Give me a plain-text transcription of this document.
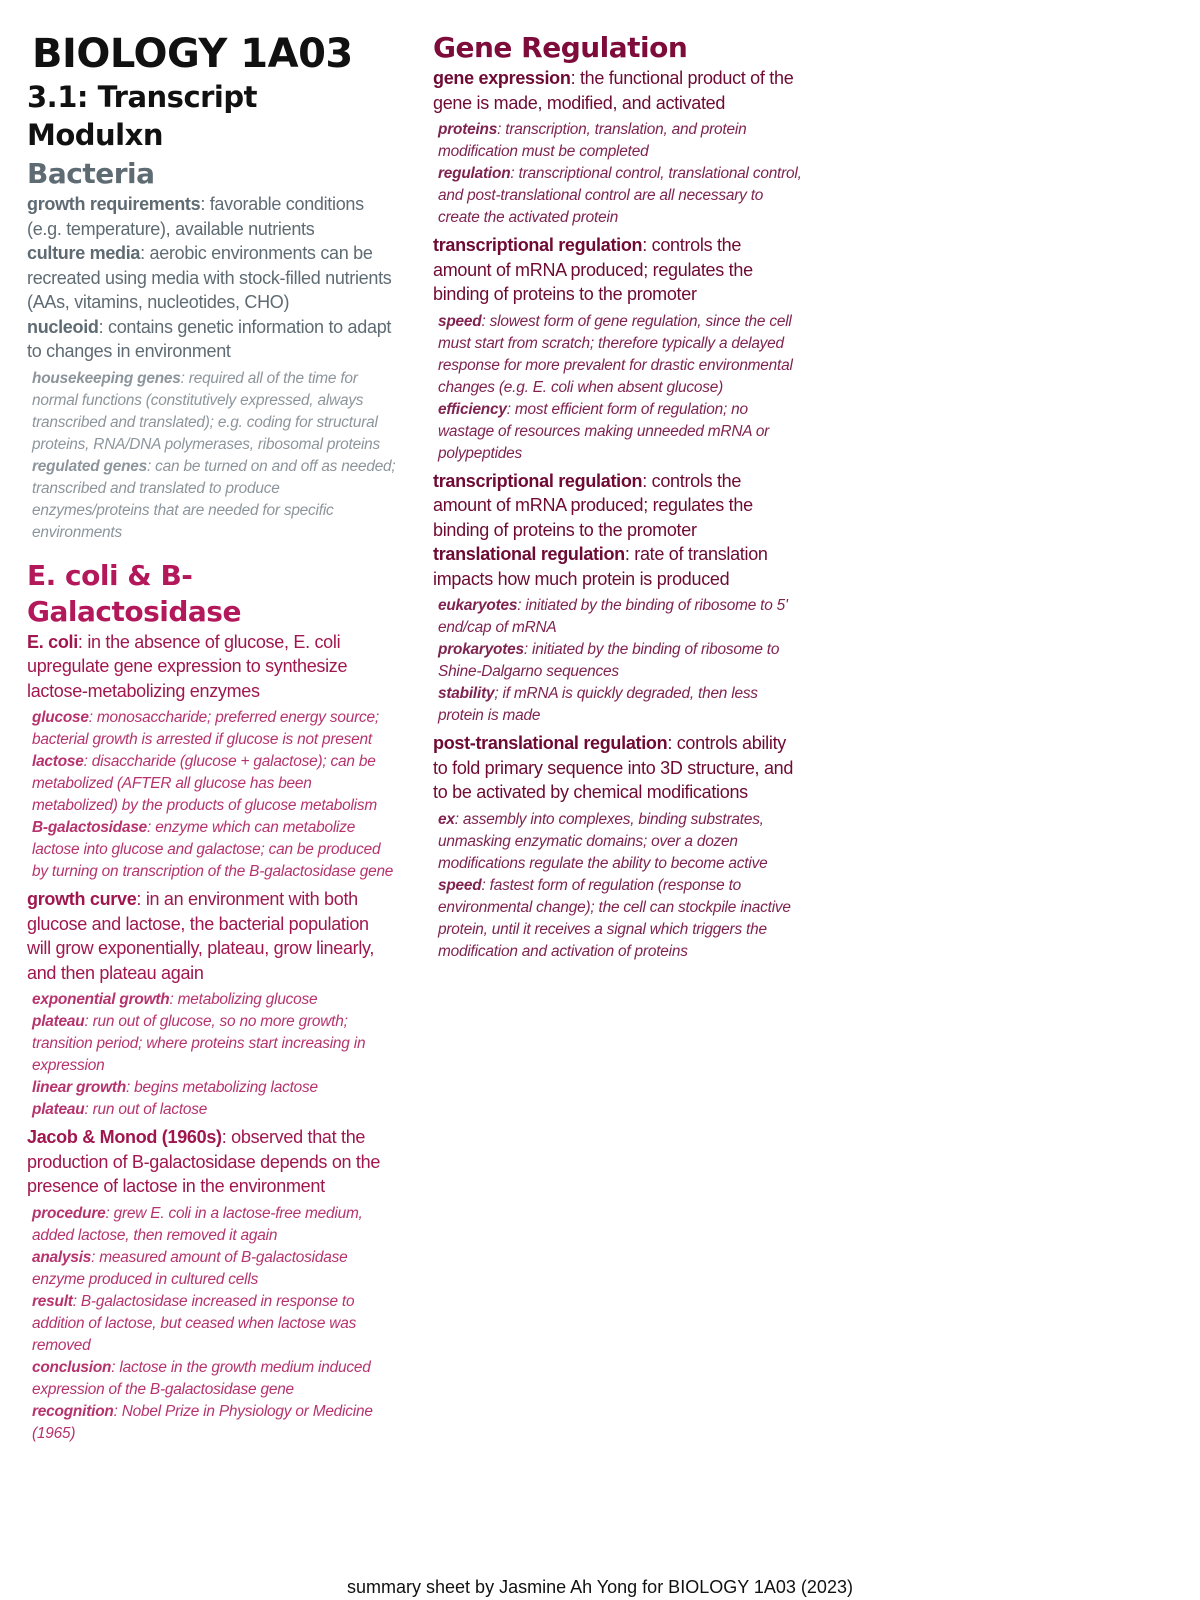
BIOLOGY 1A03
3.1: Transcript Modulxn
Bacteria
growth requirements: favorable conditions (e.g. temperature), available nutrients
culture media: aerobic environments can be recreated using media with stock-filled nutrients (AAs, vitamins, nucleotides, CHO)
nucleoid: contains genetic information to adapt to changes in environment
housekeeping genes: required all of the time for normal functions (constitutively expressed, always transcribed and translated); e.g. coding for structural proteins, RNA/DNA polymerases, ribosomal proteins
regulated genes: can be turned on and off as needed; transcribed and translated to produce enzymes/proteins that are needed for specific environments
E. coli & B-Galactosidase
E. coli: in the absence of glucose, E. coli upregulate gene expression to synthesize lactose-metabolizing enzymes
glucose: monosaccharide; preferred energy source; bacterial growth is arrested if glucose is not present
lactose: disaccharide (glucose + galactose); can be metabolized (AFTER all glucose has been metabolized) by the products of glucose metabolism
B-galactosidase: enzyme which can metabolize lactose into glucose and galactose; can be produced by turning on transcription of the B-galactosidase gene
growth curve: in an environment with both glucose and lactose, the bacterial population will grow exponentially, plateau, grow linearly, and then plateau again
exponential growth: metabolizing glucose
plateau: run out of glucose, so no more growth; transition period; where proteins start increasing in expression
linear growth: begins metabolizing lactose
plateau: run out of lactose
Jacob & Monod (1960s): observed that the production of B-galactosidase depends on the presence of lactose in the environment
procedure: grew E. coli in a lactose-free medium, added lactose, then removed it again
analysis: measured amount of B-galactosidase enzyme produced in cultured cells
result: B-galactosidase increased in response to addition of lactose, but ceased when lactose was removed
conclusion: lactose in the growth medium induced expression of the B-galactosidase gene
recognition: Nobel Prize in Physiology or Medicine (1965)
Gene Regulation
gene expression: the functional product of the gene is made, modified, and activated
proteins: transcription, translation, and protein modification must be completed
regulation: transcriptional control, translational control, and post-translational control are all necessary to create the activated protein
transcriptional regulation: controls the amount of mRNA produced; regulates the binding of proteins to the promoter
speed: slowest form of gene regulation, since the cell must start from scratch; therefore typically a delayed response for more prevalent for drastic environmental changes (e.g. E. coli when absent glucose)
efficiency: most efficient form of regulation; no wastage of resources making unneeded mRNA or polypeptides
transcriptional regulation: controls the amount of mRNA produced; regulates the binding of proteins to the promoter
translational regulation: rate of translation impacts how much protein is produced
eukaryotes: initiated by the binding of ribosome to 5' end/cap of mRNA
prokaryotes: initiated by the binding of ribosome to Shine-Dalgarno sequences
stability; if mRNA is quickly degraded, then less protein is made
post-translational regulation: controls ability to fold primary sequence into 3D structure, and to be activated by chemical modifications
ex: assembly into complexes, binding substrates, unmasking enzymatic domains; over a dozen modifications regulate the ability to become active
speed: fastest form of regulation (response to environmental change); the cell can stockpile inactive protein, until it receives a signal which triggers the modification and activation of proteins
summary sheet by Jasmine Ah Yong for BIOLOGY 1A03 (2023)
